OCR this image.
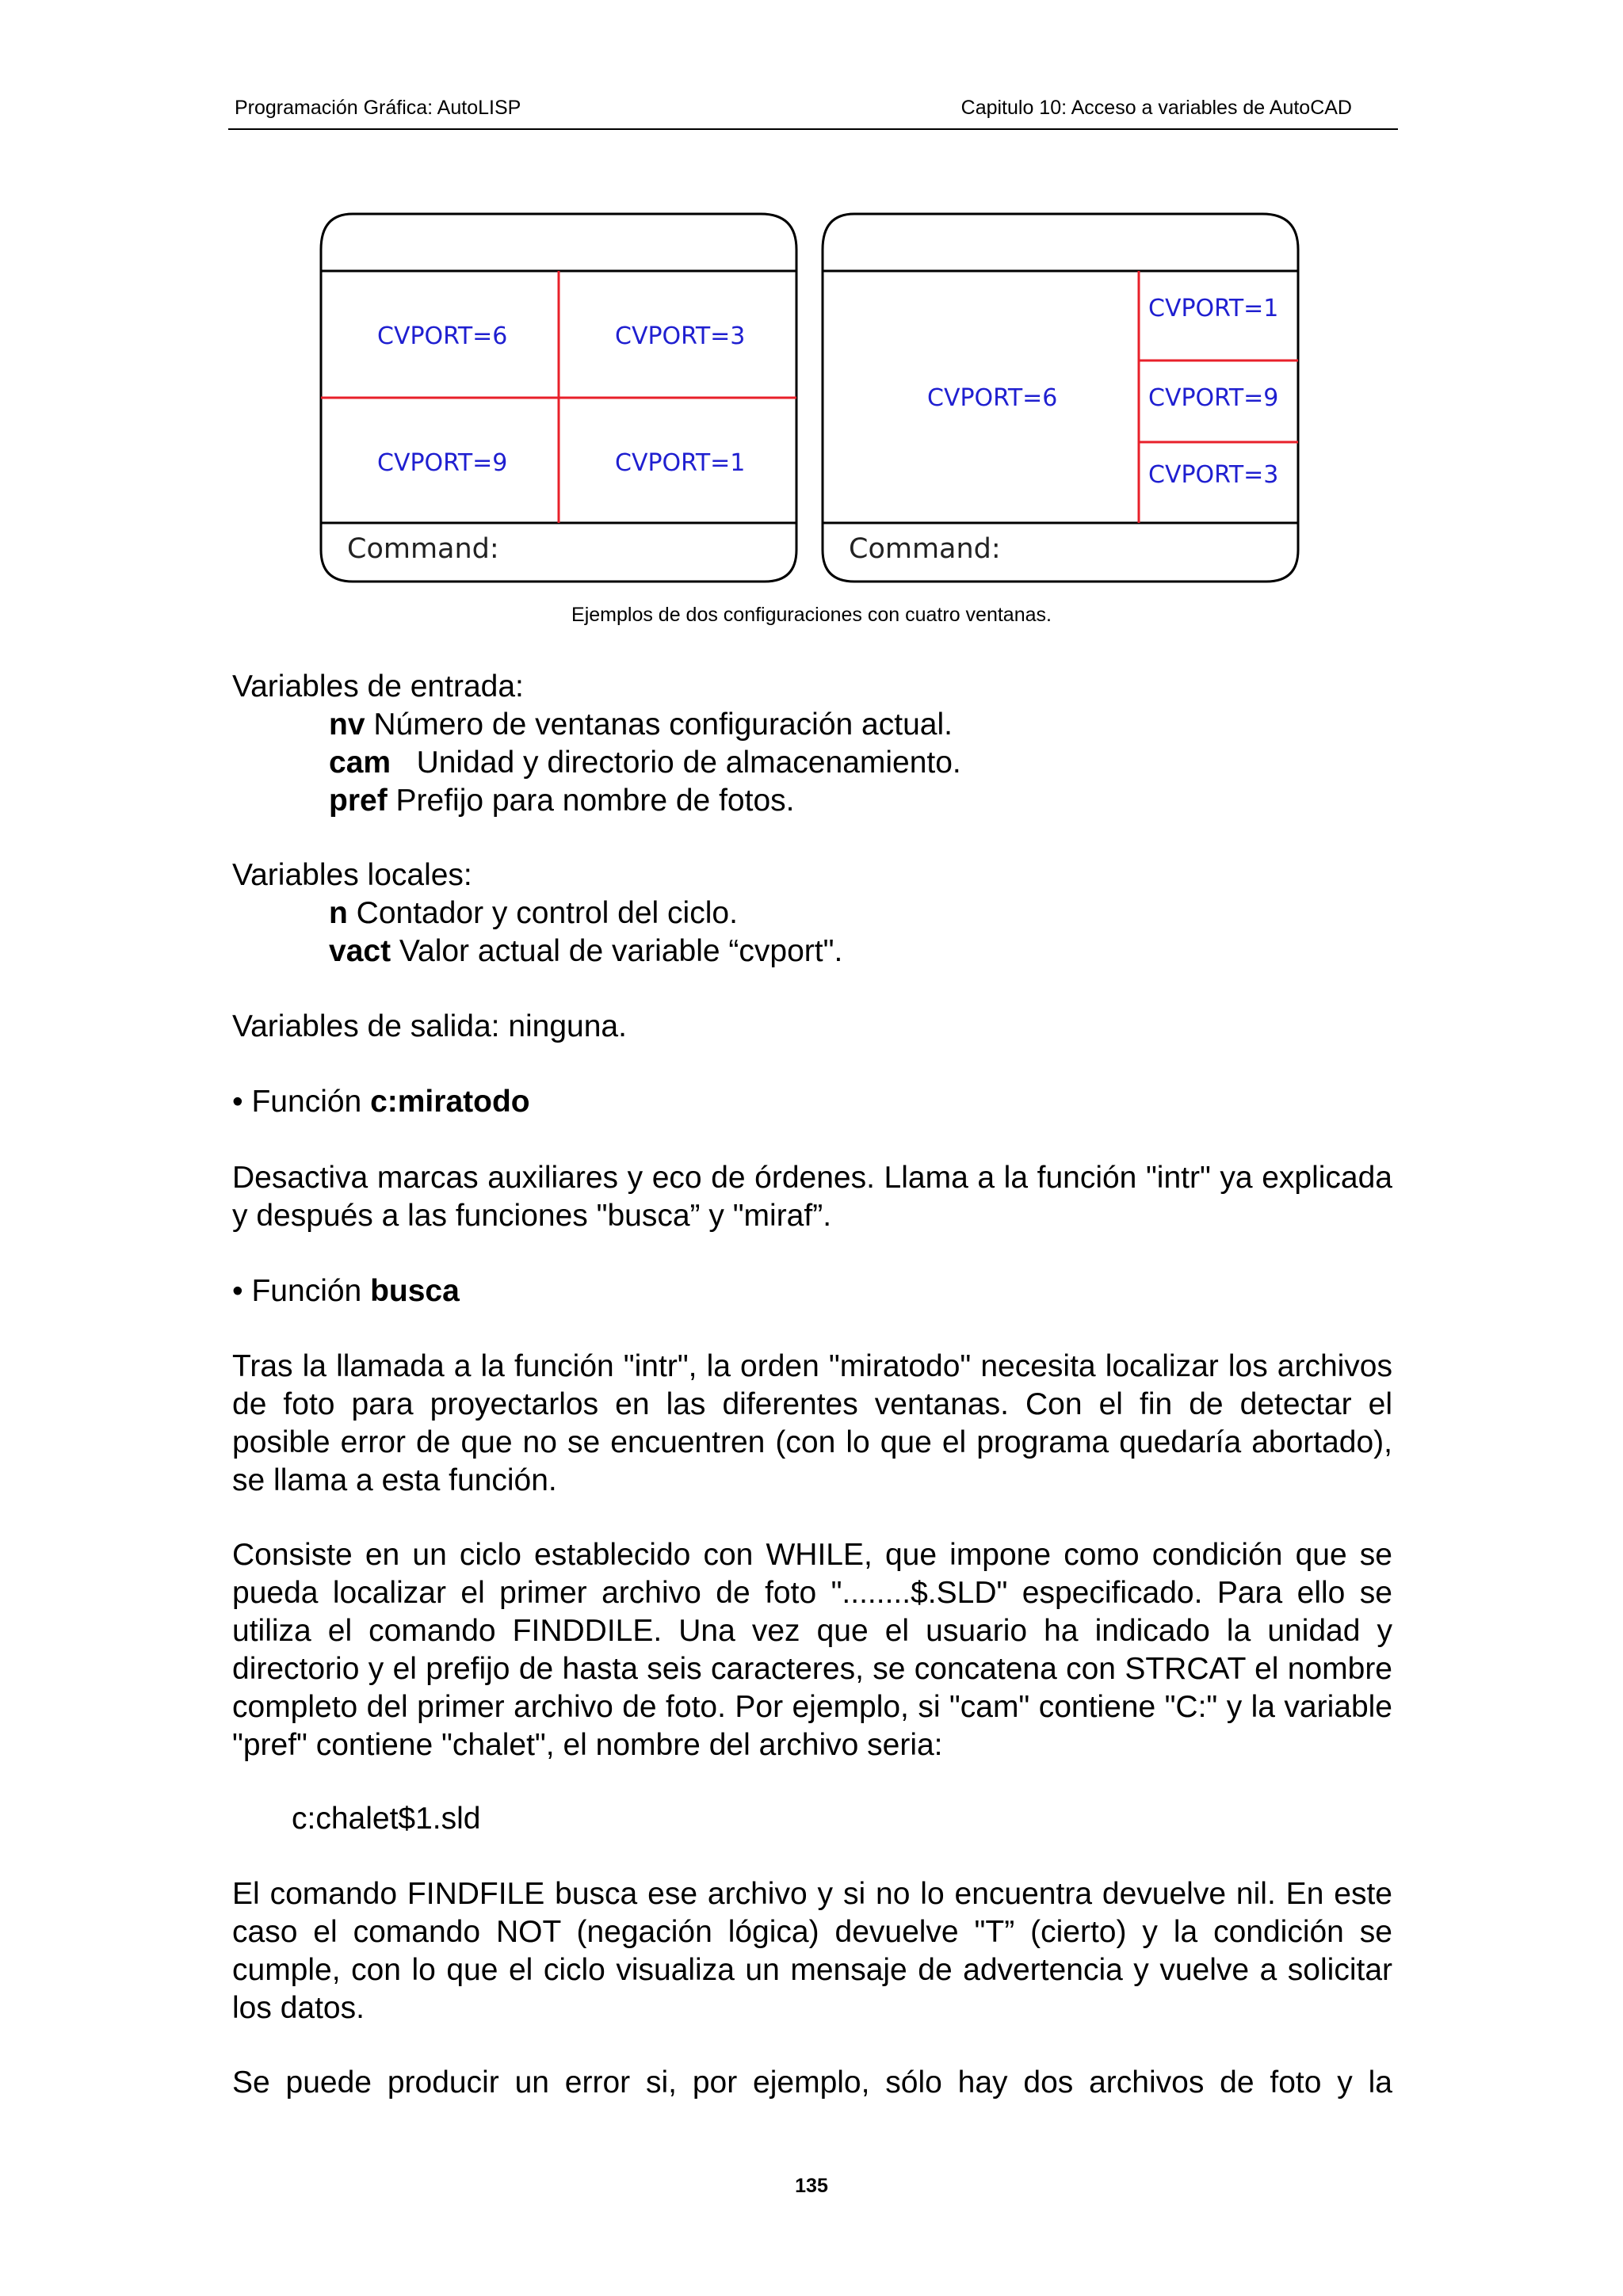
Programación Gráfica: AutoLISP	Capitulo 10: Acceso a variables de AutoCAD
CVPORT=6	CVPORT=3
CVPORT=9	CVPORT=1
Command:
CVPORT=6
CVPORT=1
CVPORT=9
CVPORT=3
Command:
Ejemplos de dos configuraciones con cuatro ventanas.
Variables de entrada:
nv Número de ventanas configuración actual.
cam   Unidad y directorio de almacenamiento.
pref Prefijo para nombre de fotos.
Variables locales:
n Contador y control del ciclo.
vact Valor actual de variable “cvport".
Variables de salida: ninguna.
• Función c:miratodo
Desactiva marcas auxiliares y eco de órdenes. Llama a la función "intr" ya explicada y después a las funciones "busca” y "miraf”.
• Función busca
Tras la llamada a la función "intr", la orden "miratodo" necesita localizar los archivos de foto para proyectarlos en las diferentes ventanas. Con el fin de detectar el posible error de que no se encuentren (con lo que el programa quedaría abortado), se llama a esta función.
Consiste en un ciclo establecido con WHILE, que impone como condición que se pueda localizar el primer archivo de foto "........$.SLD" especificado. Para ello se utiliza el comando FINDDILE. Una vez que el usuario ha indicado la unidad y directorio y el prefijo de hasta seis caracteres, se concatena con STRCAT el nombre completo del primer archivo de foto. Por ejemplo, si "cam" contiene "C:" y la variable "pref" contiene "chalet", el nombre del archivo seria:
c:chalet$1.sld
El comando FINDFILE busca ese archivo y si no lo encuentra devuelve nil. En este caso el comando NOT (negación lógica) devuelve "T” (cierto) y la condición se cumple, con lo que el ciclo visualiza un mensaje de advertencia y vuelve a solicitar los datos.
Se puede producir un error si, por ejemplo, sólo hay dos archivos de foto y la
135
